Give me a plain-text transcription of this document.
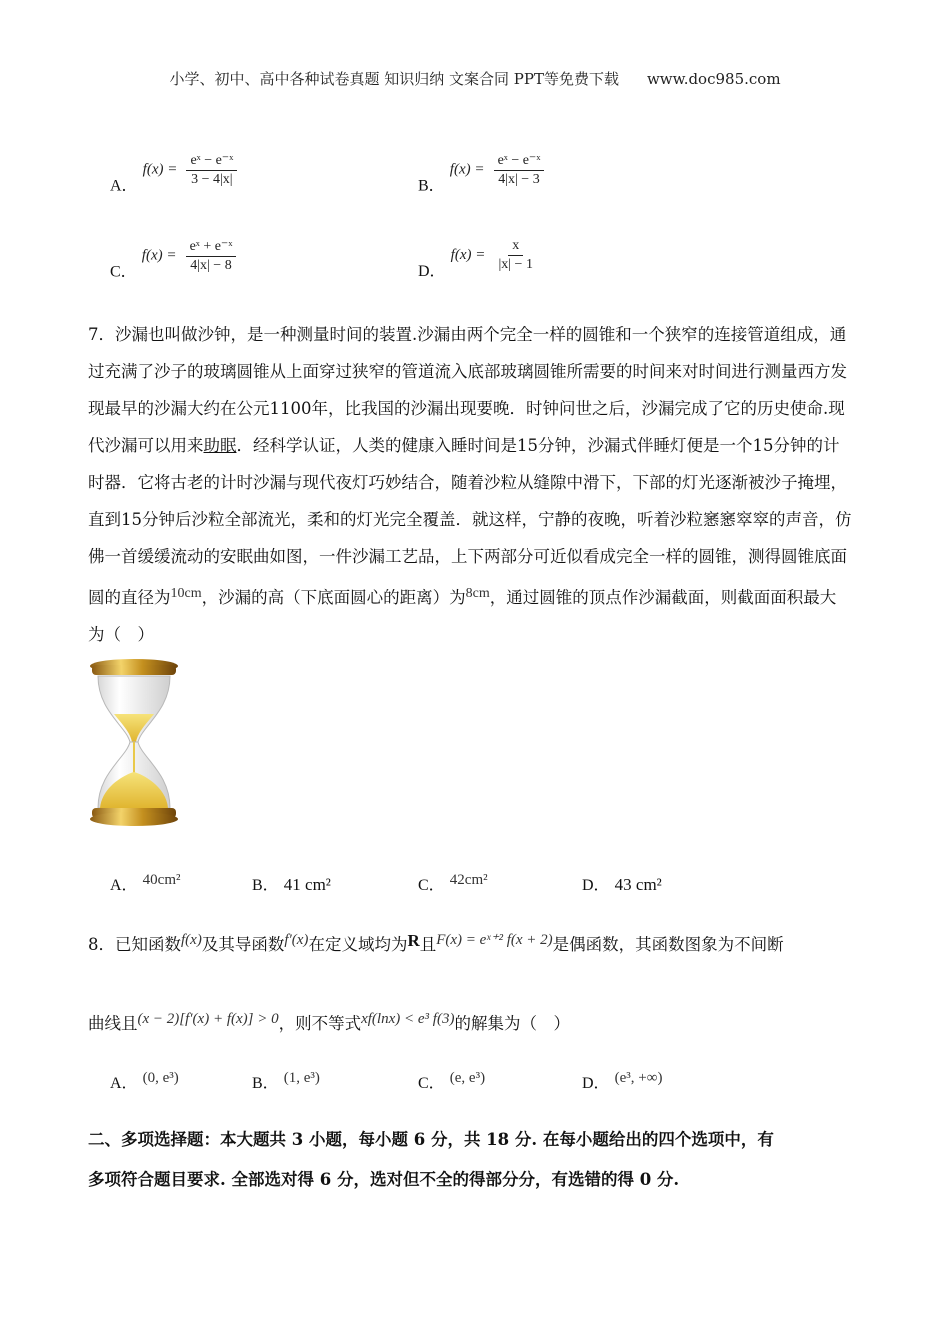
小学、初中、高中各种试卷真题 知识归纳 文案合同 PPT等免费下载 www.doc985.com
A． $f(x) = \frac{\text{eˣ − e⁻ˣ}}{3 - 4|x|}$	B． $f(x) = \frac{\text{eˣ − e⁻ˣ}}{4|x| - 3}$
C． $f(x) = \frac{\text{eˣ + e⁻ˣ}}{4|x| - 8}$	D． $f(x) = \frac{x}{|x| - 1}$
7．沙漏也叫做沙钟，是一种测量时间的装置.沙漏由两个完全一样的圆锥和一个狭窄的连接管道组成，通
过充满了沙子的玻璃圆锥从上面穿过狭窄的管道流入底部玻璃圆锥所需要的时间来对时间进行测量西方发
现最早的沙漏大约在公元1100年，比我国的沙漏出现要晚．时钟问世之后，沙漏完成了它的历史使命.现
代沙漏可以用来助眠．经科学认证，人类的健康入睡时间是15分钟，沙漏式伴睡灯便是一个15分钟的计
时器．它将古老的计时沙漏与现代夜灯巧妙结合，随着沙粒从缝隙中滑下，下部的灯光逐渐被沙子掩埋，
直到15分钟后沙粒全部流光，柔和的灯光完全覆盖．就这样，宁静的夜晚，听着沙粒窸窸窣窣的声音，仿
佛一首缓缓流动的安眠曲如图，一件沙漏工艺品，上下两部分可近似看成完全一样的圆锥，测得圆锥底面
圆的直径为$^{10cm}$，沙漏的高（下底面圆心的距离）为$^{8cm}$，通过圆锥的顶点作沙漏截面，则截面面积最大
为（　）
A． 40cm²	B． 41 cm²	C． 42cm²	D． 43 cm²
8．已知函数f(x)及其导函数f′(x)在定义域均为R且F(x) = eˣ⁺² f(x + 2)是偶函数，其函数图象为不间断
曲线且(x − 2)[f′(x) + f(x)] > 0，则不等式xf(lnx) < e³ f(3)的解集为（　）
A． (0, e³)	B． (1, e³)	C． (e, e³)	D． (e³, +∞)
二、多项选择题：本大题共 3 小题，每小题 6 分，共 18 分. 在每小题给出的四个选项中，有
多项符合题目要求. 全部选对得 6 分，选对但不全的得部分分，有选错的得 0 分.
